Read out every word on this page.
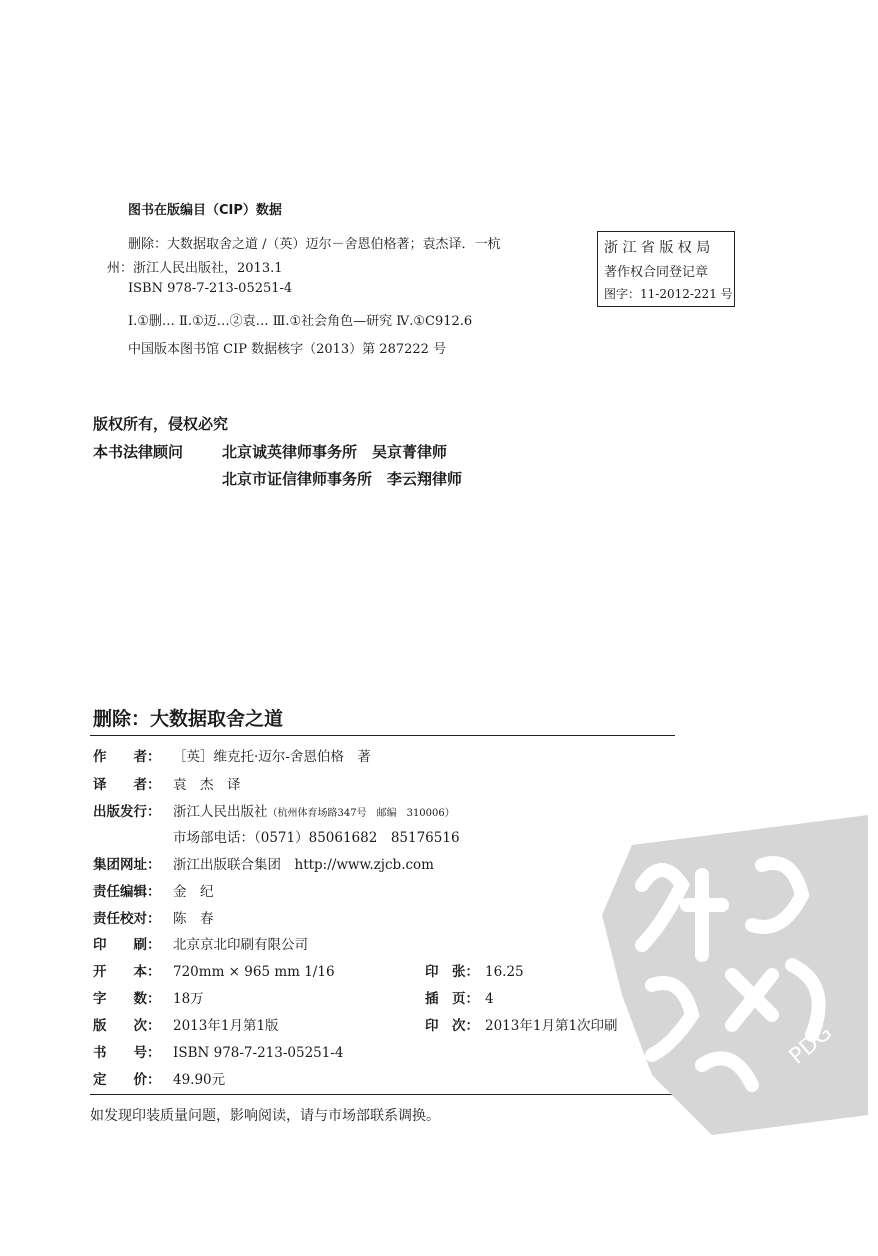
图书在版编目（CIP）数据
删除：大数据取舍之道 /（英）迈尔－舍恩伯格著；袁杰译．一杭
州：浙江人民出版社，2013.1
ISBN 978-7-213-05251-4
Ⅰ.①删… Ⅱ.①迈…②袁… Ⅲ.①社会角色—研究 Ⅳ.①C912.6
中国版本图书馆 CIP 数据核字（2013）第 287222 号
浙 江 省 版 权 局
著作权合同登记章
图字：11-2012-221 号
版权所有，侵权必究
本书法律顾问	北京诚英律师事务所　吴京菁律师
北京市证信律师事务所　李云翔律师
删除：大数据取舍之道
作　　者： ［英］维克托·迈尔-舍恩伯格　著
译　　者： 袁　杰　译
出版发行： 浙江人民出版社（杭州体育场路347号　邮编　310006）
市场部电话：（0571）85061682　85176516
集团网址： 浙江出版联合集团　http://www.zjcb.com
责任编辑： 金　纪
责任校对： 陈　春
印　　刷： 北京京北印刷有限公司
开　　本： 720mm × 965 mm 1/16	印　张： 16.25
字　　数： 18万	插　页： 4
版　　次： 2013年1月第1版	印　次： 2013年1月第1次印刷
书　　号： ISBN 978-7-213-05251-4
定　　价： 49.90元
如发现印装质量问题，影响阅读，请与市场部联系调换。
PDG
